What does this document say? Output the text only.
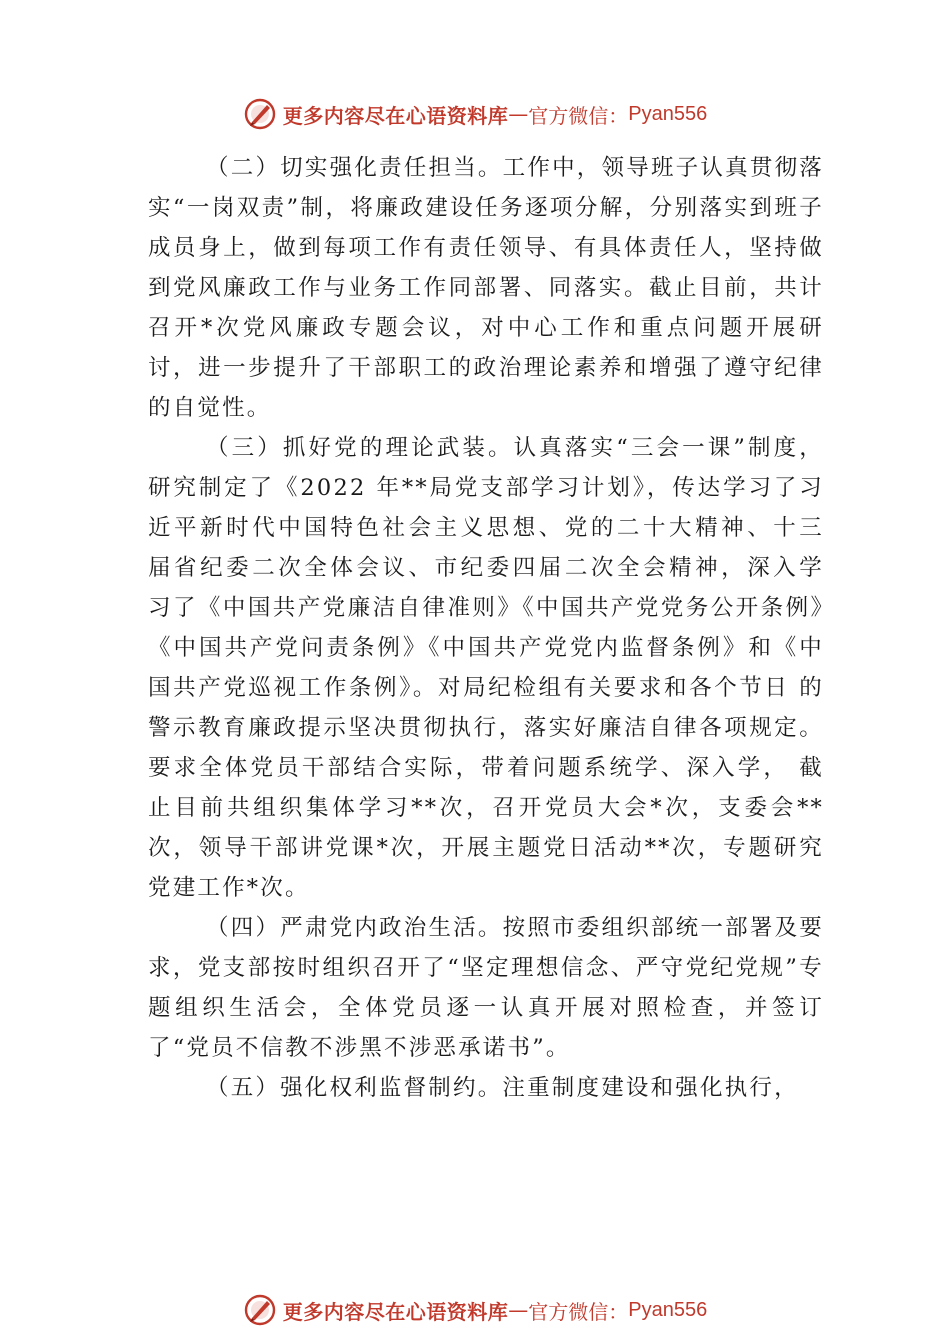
更多内容尽在心语资料库 — 官方微信： Pyan556

（二）切实强化责任担当。工作中，领导班子认真贯彻落实“一岗双责”制，将廉政建设任务逐项分解，分别落实到班子成员身上，做到每项工作有责任领导、有具体责任人，坚持做到党风廉政工作与业务工作同部署、同落实。截止目前，共计召开*次党风廉政专题会议，对中心工作和重点问题开展研讨，进一步提升了干部职工的政治理论素养和增强了遵守纪律的自觉性。

（三）抓好党的理论武装。认真落实“三会一课”制度，研究制定了《2022 年**局党支部学习计划》，传达学习了习近平新时代中国特色社会主义思想、党的二十大精神、十三 届省纪委二次全体会议、市纪委四届二次全会精神，深入学 习了《中国共产党廉洁自律准则》《中国共产党党务公开条例》《中国共产党问责条例》《中国共产党党内监督条例》和《中 国共产党巡视工作条例》。对局纪检组有关要求和各个节日 的警示教育廉政提示坚决贯彻执行，落实好廉洁自律各项规定。要求全体党员干部结合实际，带着问题系统学、深入学， 截止目前共组织集体学习**次，召开党员大会*次，支委会** 次，领导干部讲党课*次，开展主题党日活动**次，专题研究党建工作*次。

（四）严肃党内政治生活。按照市委组织部统一部署及要求，党支部按时组织召开了“坚定理想信念、严守党纪党规”专题组织生活会，全体党员逐一认真开展对照检查，并签订了“党员不信教不涉黑不涉恶承诺书”。

（五）强化权利监督制约。注重制度建设和强化执行，

更多内容尽在心语资料库 — 官方微信： Pyan556
